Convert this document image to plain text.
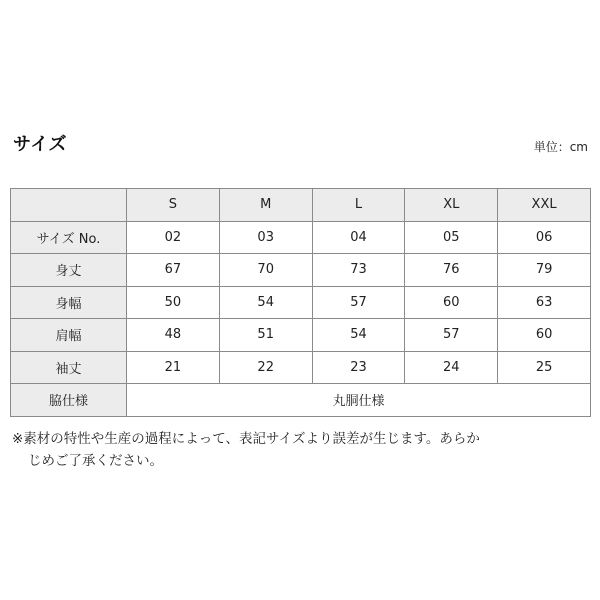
サイズ	単位：cm
	S	M	L	XL	XXL
サイズ No.	02	03	04	05	06
身丈	67	70	73	76	79
身幅	50	54	57	60	63
肩幅	48	51	54	57	60
袖丈	21	22	23	24	25
脇仕様	丸胴仕様				
※素材の特性や生産の過程によって、表記サイズより誤差が生じます。あらか
じめご了承ください。
